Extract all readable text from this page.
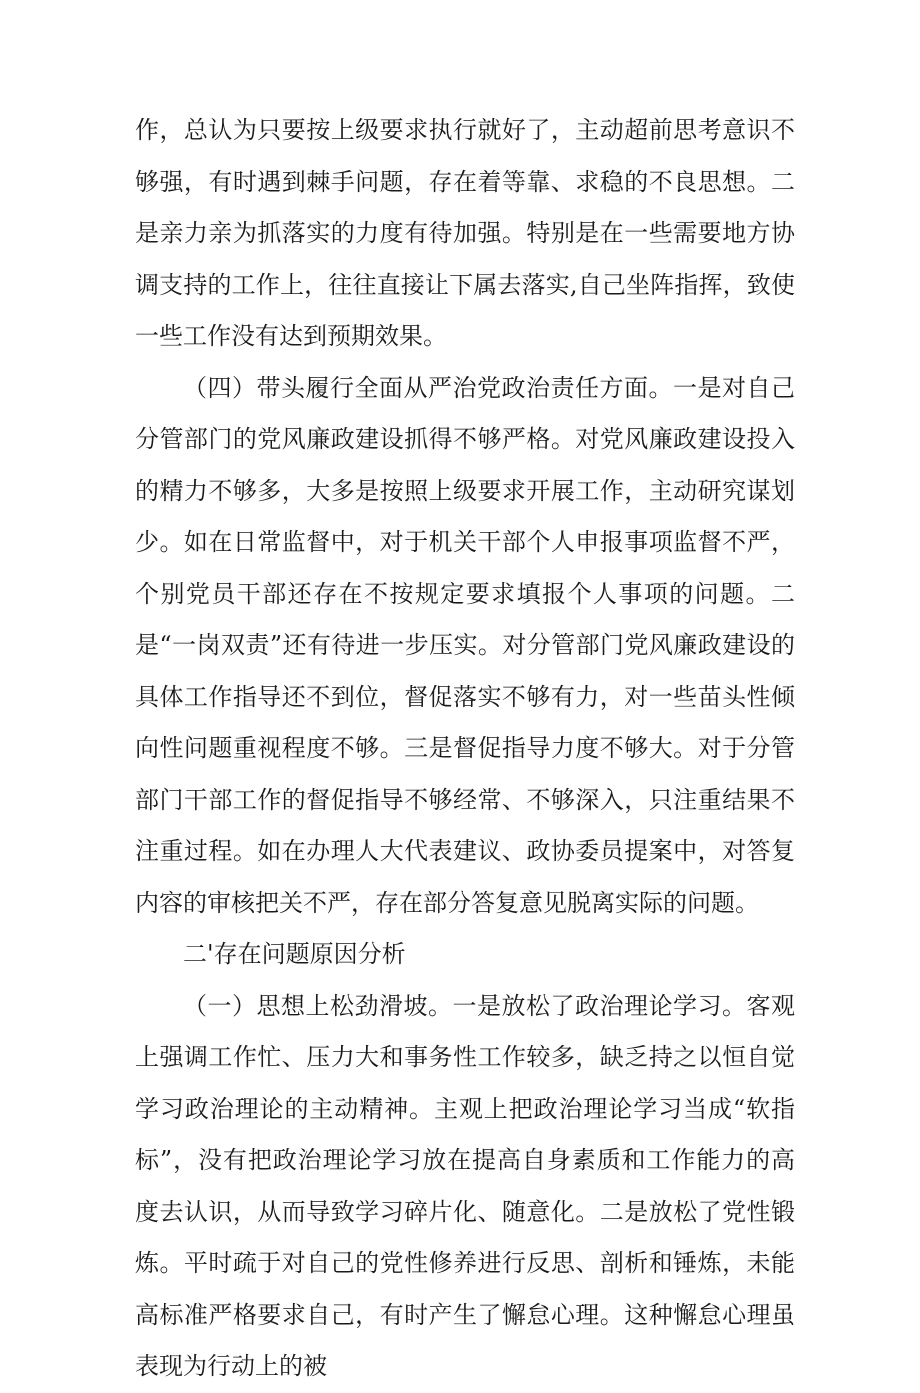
作，总认为只要按上级要求执行就好了，主动超前思考意识不够强，有时遇到棘手问题，存在着等靠、求稳的不良思想。二是亲力亲为抓落实的力度有待加强。特别是在一些需要地方协调支持的工作上，往往直接让下属去落实,自己坐阵指挥，致使一些工作没有达到预期效果。

（四）带头履行全面从严治党政治责任方面。一是对自己分管部门的党风廉政建设抓得不够严格。对党风廉政建设投入的精力不够多，大多是按照上级要求开展工作，主动研究谋划少。如在日常监督中，对于机关干部个人申报事项监督不严，个别党员干部还存在不按规定要求填报个人事项的问题。二是“一岗双责”还有待进一步压实。对分管部门党风廉政建设的具体工作指导还不到位，督促落实不够有力，对一些苗头性倾向性问题重视程度不够。三是督促指导力度不够大。对于分管部门干部工作的督促指导不够经常、不够深入，只注重结果不注重过程。如在办理人大代表建议、政协委员提案中，对答复内容的审核把关不严，存在部分答复意见脱离实际的问题。

二'存在问题原因分析

（一）思想上松劲滑坡。一是放松了政治理论学习。客观上强调工作忙、压力大和事务性工作较多，缺乏持之以恒自觉学习政治理论的主动精神。主观上把政治理论学习当成“软指标”，没有把政治理论学习放在提高自身素质和工作能力的高度去认识，从而导致学习碎片化、随意化。二是放松了党性锻炼。平时疏于对自己的党性修养进行反思、剖析和锤炼，未能高标准严格要求自己，有时产生了懈怠心理。这种懈怠心理虽表现为行动上的被
